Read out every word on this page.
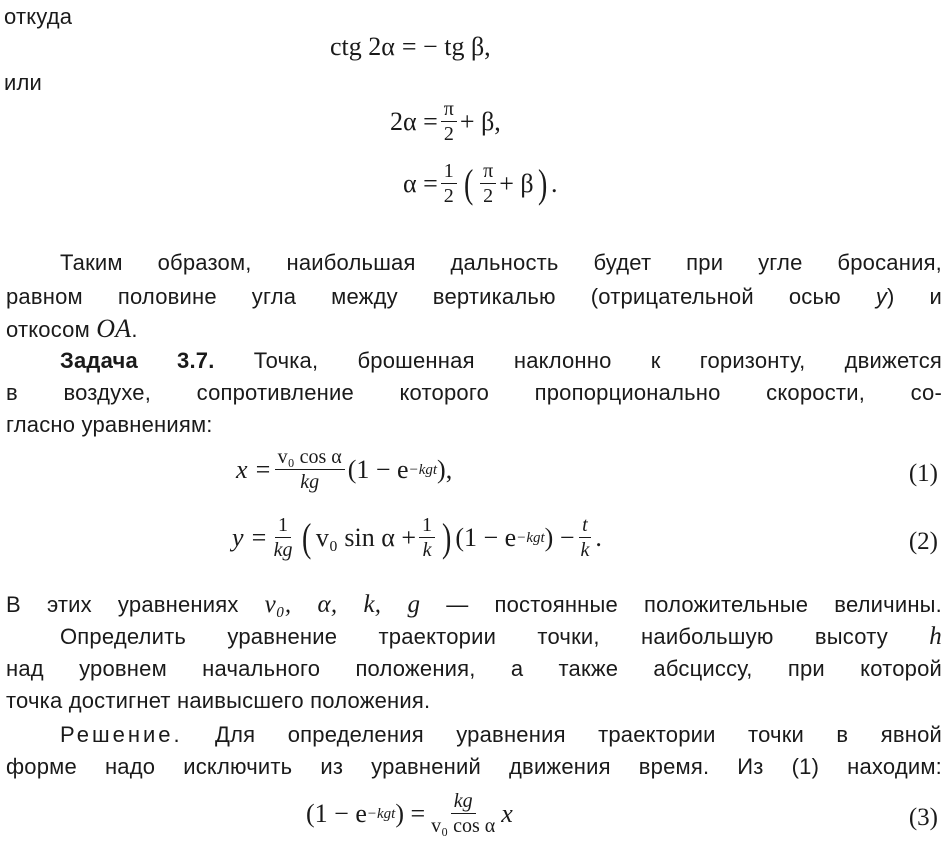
откуда
ctg 2α = − tg β,
или
$2\alpha = \frac{\pi}{2} + \beta$,
$\alpha = \frac{1}{2}$ ( $\frac{\pi}{2} + \beta$ ) .
Таким образом, наибольшая дальность будет при угле бросания,
равном половине угла между вертикалью (отрицательной осью y) и
откосом OA.
Задача 3.7. Точка, брошенная наклонно к горизонту, движется
в воздухе, сопротивление которого пропорционально скорости, со-
гласно уравнениям:
$x = \frac{\text{v₀ cos α}}{kg} (1 - e -kgt$ ),	(1)
$y = \frac{1}{kg}$ ( v₀ $\sin \alpha + \frac{1}{k}$ ) (1 − e −kgt ) − $\frac{t}{k}$ .	(2)
В этих уравнениях v₀, α, k, g — постоянные положительные величины.
Определить уравнение траектории точки, наибольшую высоту h
над уровнем начального положения, а также абсциссу, при которой
точка достигнет наивысшего положения.
Решение. Для определения уравнения траектории точки в явной
форме надо исключить из уравнений движения время. Из (1) находим:
(1 − e −kgt ) = $\frac{kg}{\text{v₀ cos α}}$ x	(3)
